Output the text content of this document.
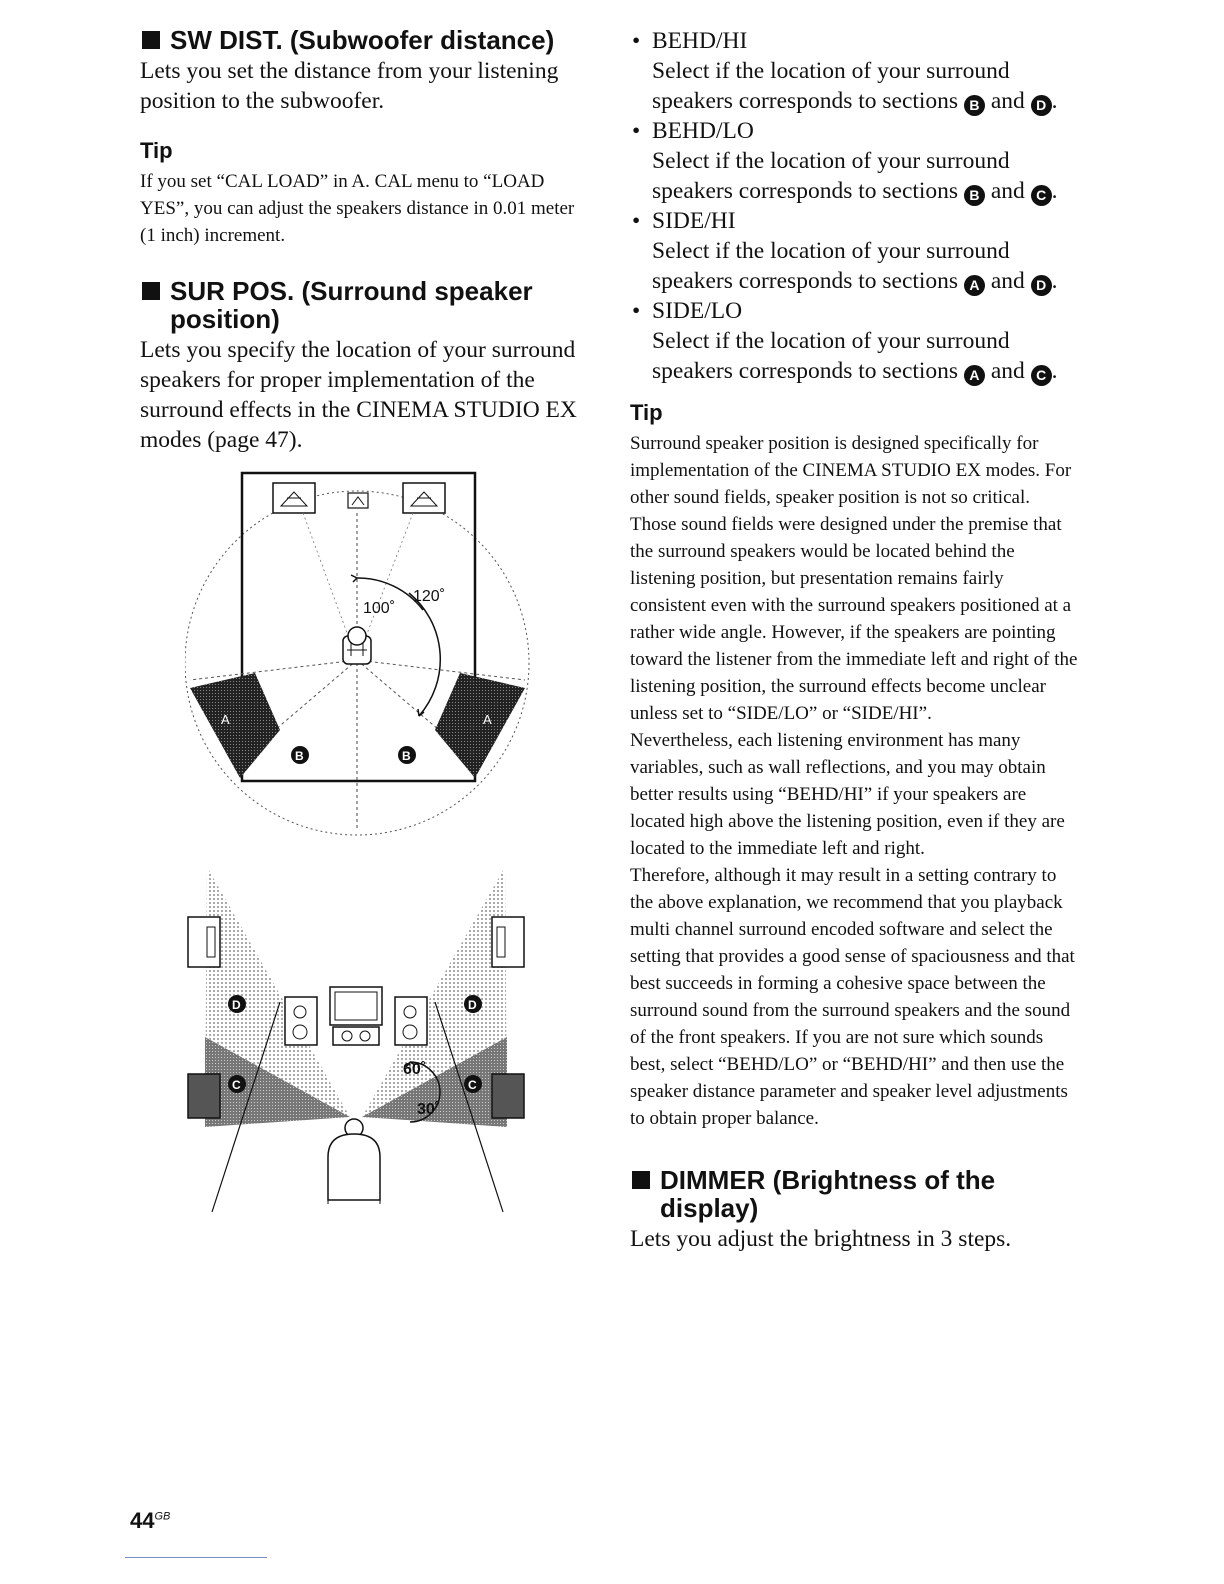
SW DIST. (Subwoofer distance)

Lets you set the distance from your listening position to the subwoofer.

Tip

If you set “CAL LOAD” in A. CAL menu to “LOAD YES”, you can adjust the speakers distance in 0.01 meter (1 inch) increment.

SUR POS. (Surround speaker
position)

Lets you specify the location of your surround speakers for proper implementation of the surround effects in the CINEMA STUDIO EX modes (page 47).

100˚
120˚
A	A
B	B
60˚
30˚
D	D
C	C
• BEHD/HI
Select if the location of your surround speakers corresponds to sections B and D .
• BEHD/LO
Select if the location of your surround speakers corresponds to sections B and C .
• SIDE/HI
Select if the location of your surround speakers corresponds to sections A and D .
• SIDE/LO
Select if the location of your surround speakers corresponds to sections A and C .
Tip

Surround speaker position is designed specifically for implementation of the CINEMA STUDIO EX modes. For other sound fields, speaker position is not so critical.

Those sound fields were designed under the premise that the surround speakers would be located behind the listening position, but presentation remains fairly consistent even with the surround speakers positioned at a rather wide angle. However, if the speakers are pointing toward the listener from the immediate left and right of the listening position, the surround effects become unclear unless set to “SIDE/LO” or “SIDE/HI”.

Nevertheless, each listening environment has many variables, such as wall reflections, and you may obtain better results using “BEHD/HI” if your speakers are located high above the listening position, even if they are located to the immediate left and right.

Therefore, although it may result in a setting contrary to the above explanation, we recommend that you playback multi channel surround encoded software and select the setting that provides a good sense of spaciousness and that best succeeds in forming a cohesive space between the surround sound from the surround speakers and the sound of the front speakers. If you are not sure which sounds best, select “BEHD/LO” or “BEHD/HI” and then use the speaker distance parameter and speaker level adjustments to obtain proper balance.

DIMMER (Brightness of the
display)

Lets you adjust the brightness in 3 steps.

$44^{GB}$
